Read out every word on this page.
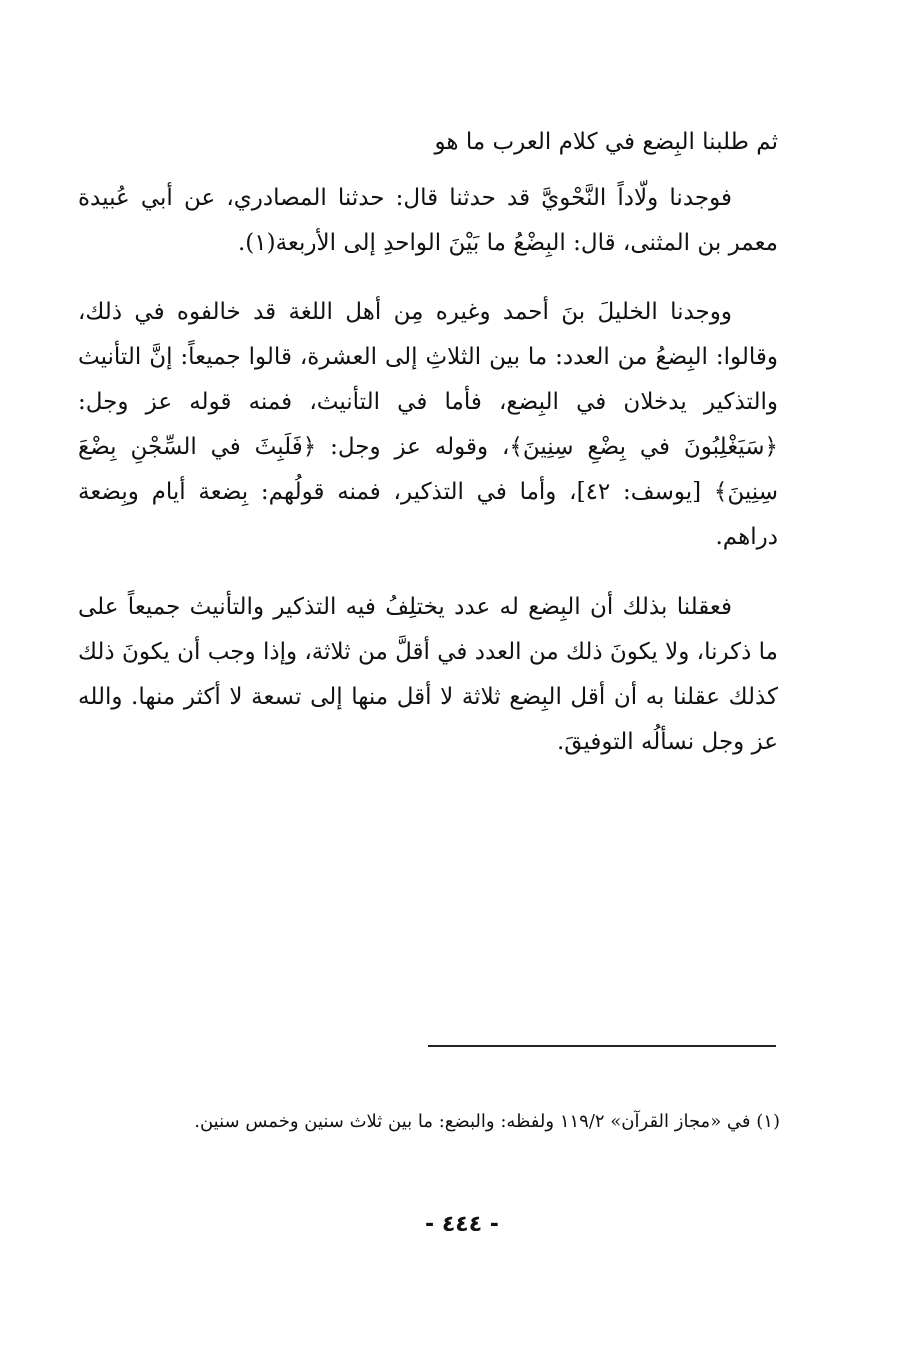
ثم طلبنا البِضع في كلام العرب ما هو

فوجدنا ولّاداً النَّحْويَّ قد حدثنا قال: حدثنا المصادري، عن أبي عُبيدة معمر بن المثنى، قال: البِضْعُ ما بَيْنَ الواحدِ إلى الأربعة(١).

ووجدنا الخليلَ بنَ أحمد وغيره مِن أهل اللغة قد خالفوه في ذلك، وقالوا: البِضعُ من العدد: ما بين الثلاثِ إلى العشرة، قالوا جميعاً: إنَّ التأنيث والتذكير يدخلان في البِضع، فأما في التأنيث، فمنه قوله عز وجل: ﴿سَيَغْلِبُونَ في بِضْعِ سِنِينَ﴾، وقوله عز وجل: ﴿فَلَبِثَ في السِّجْنِ بِضْعَ سِنِينَ﴾ [يوسف: ٤٢]، وأما في التذكير، فمنه قولُهم: بِضعة أيام وبِضعة دراهم.

فعقلنا بذلك أن البِضع له عدد يختلِفُ فيه التذكير والتأنيث جميعاً على ما ذكرنا، ولا يكونَ ذلك من العدد في أقلَّ من ثلاثة، وإذا وجب أن يكونَ ذلك كذلك عقلنا به أن أقل البِضع ثلاثة لا أقل منها إلى تسعة لا أكثر منها. والله عز وجل نسألُه التوفيقَ.

(١) في «مجاز القرآن» ١١٩/٢ ولفظه: والبضع: ما بين ثلاث سنين وخمس سنين.

- ٤٤٤ -
